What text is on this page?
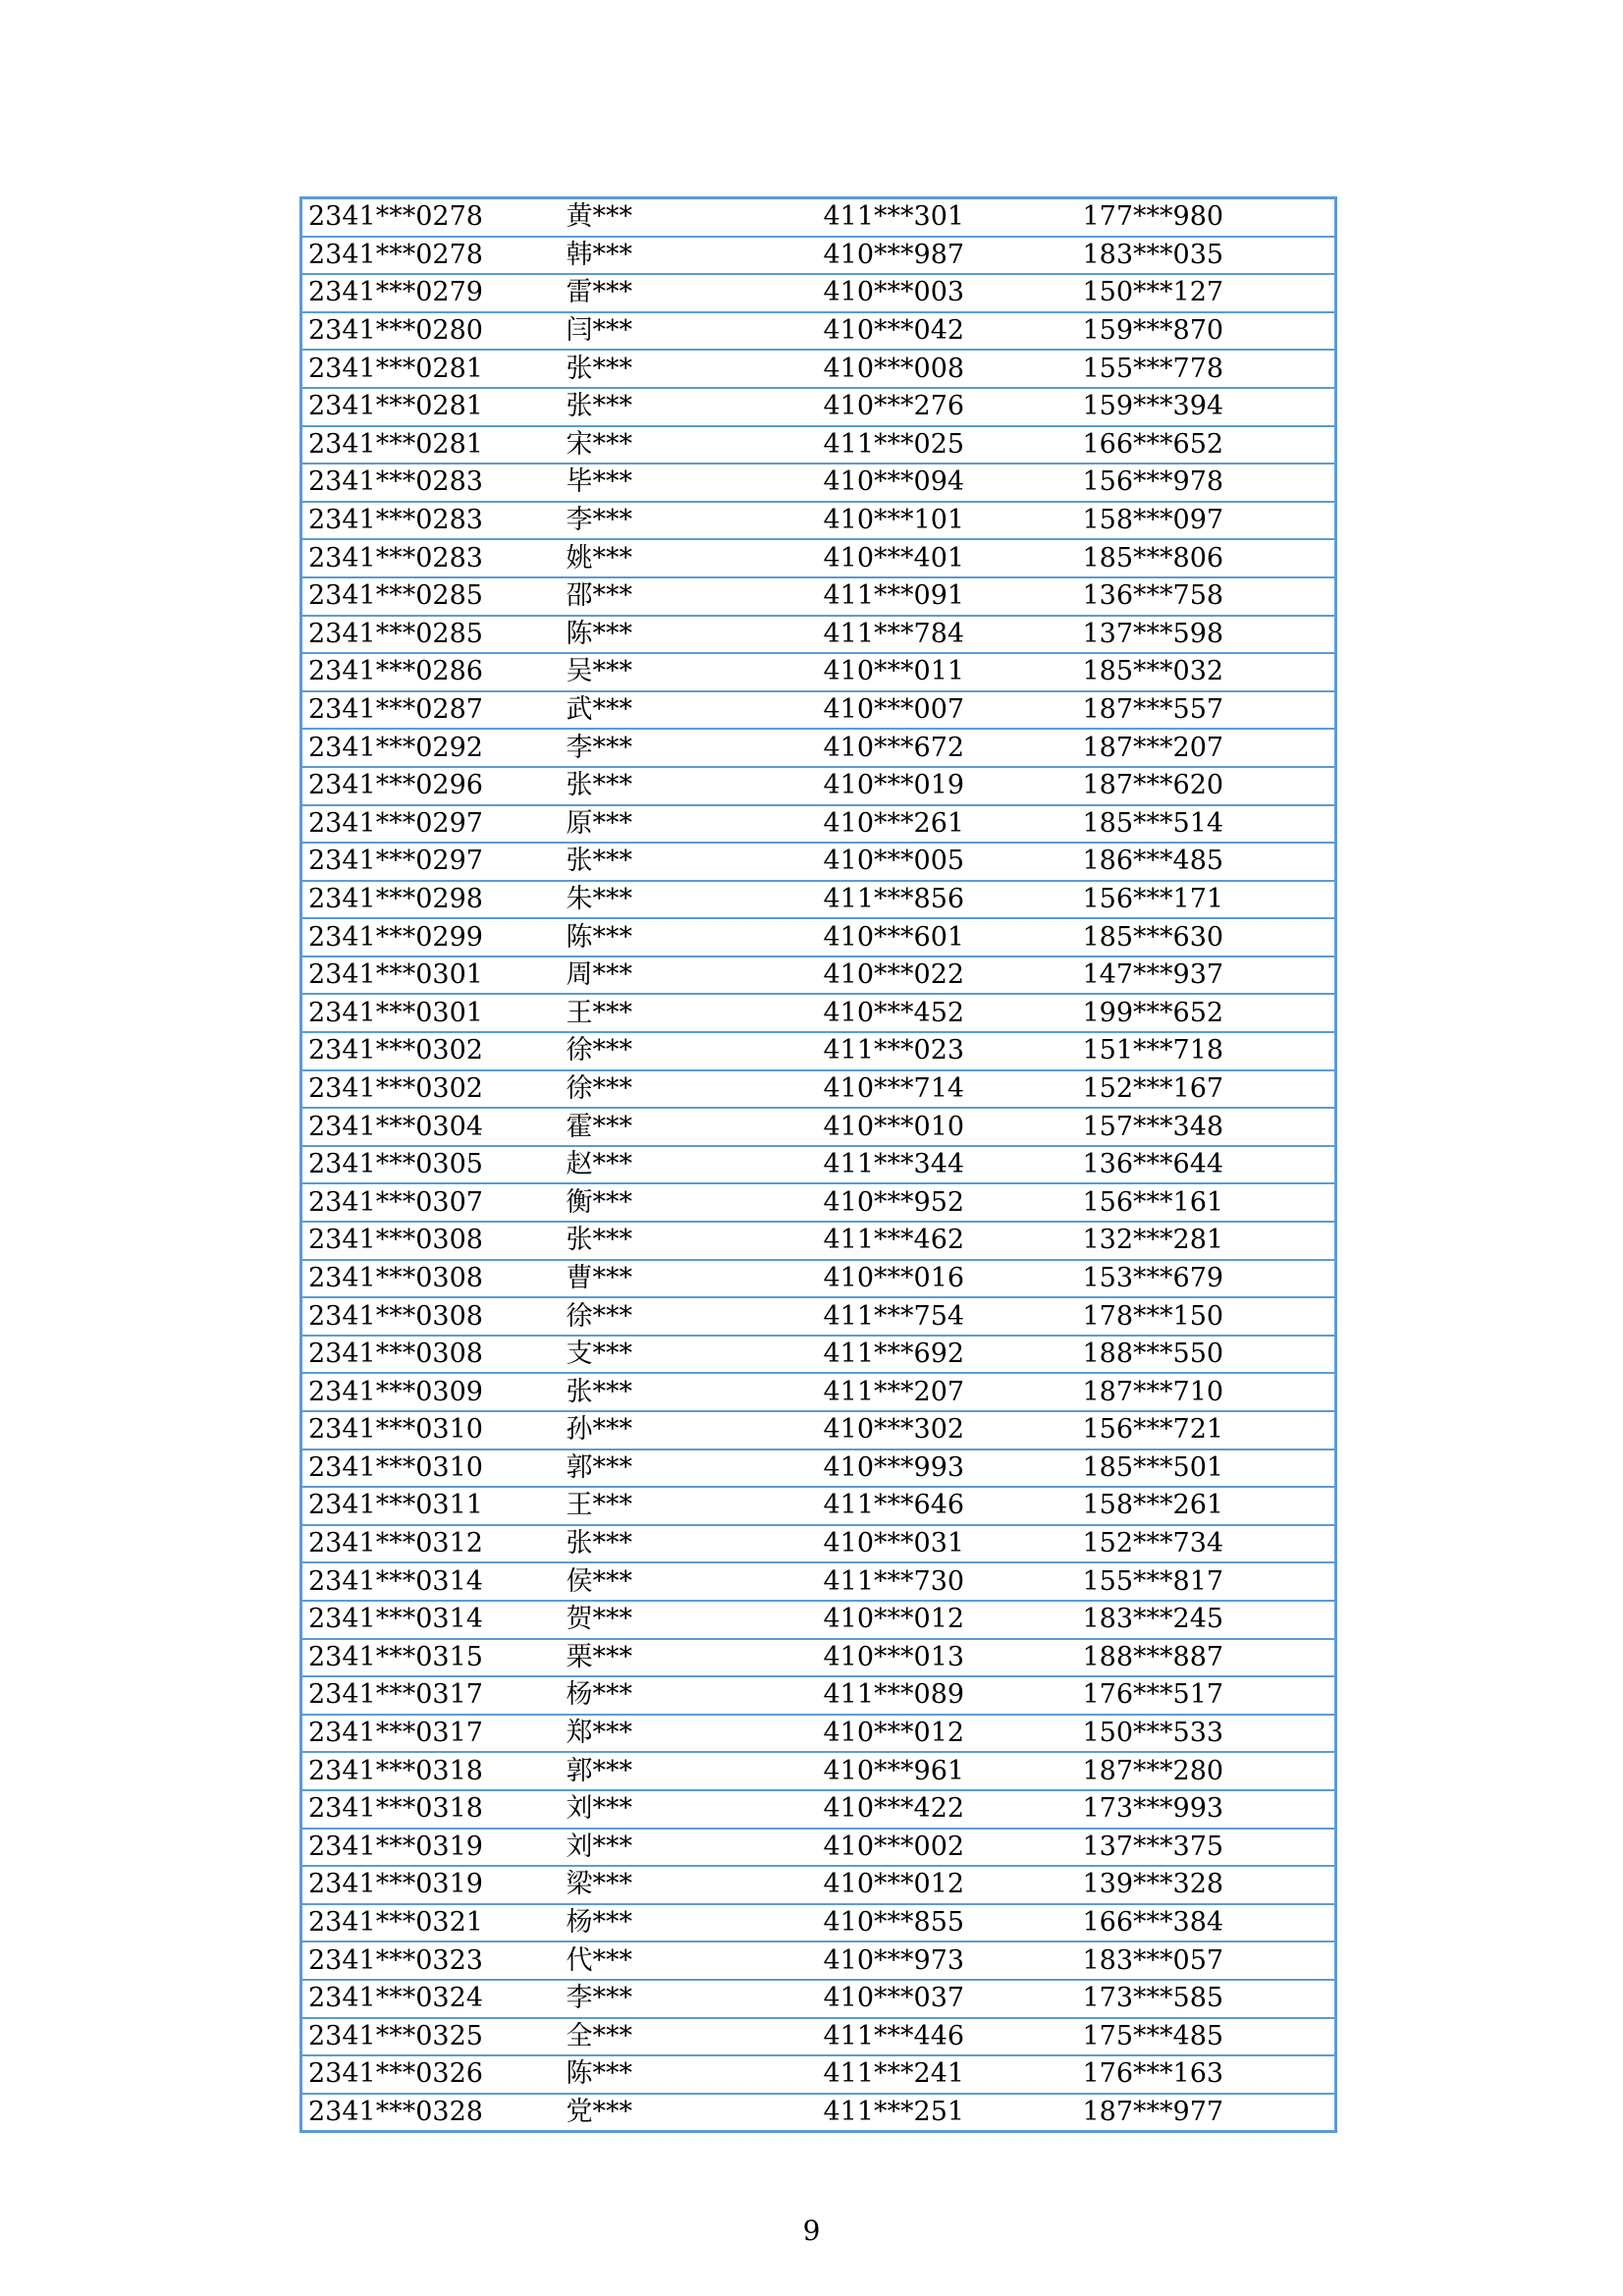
2341***0278	黄***	411***301	177***980
2341***0278	韩***	410***987	183***035
2341***0279	雷***	410***003	150***127
2341***0280	闫***	410***042	159***870
2341***0281	张***	410***008	155***778
2341***0281	张***	410***276	159***394
2341***0281	宋***	411***025	166***652
2341***0283	毕***	410***094	156***978
2341***0283	李***	410***101	158***097
2341***0283	姚***	410***401	185***806
2341***0285	邵***	411***091	136***758
2341***0285	陈***	411***784	137***598
2341***0286	吴***	410***011	185***032
2341***0287	武***	410***007	187***557
2341***0292	李***	410***672	187***207
2341***0296	张***	410***019	187***620
2341***0297	原***	410***261	185***514
2341***0297	张***	410***005	186***485
2341***0298	朱***	411***856	156***171
2341***0299	陈***	410***601	185***630
2341***0301	周***	410***022	147***937
2341***0301	王***	410***452	199***652
2341***0302	徐***	411***023	151***718
2341***0302	徐***	410***714	152***167
2341***0304	霍***	410***010	157***348
2341***0305	赵***	411***344	136***644
2341***0307	衡***	410***952	156***161
2341***0308	张***	411***462	132***281
2341***0308	曹***	410***016	153***679
2341***0308	徐***	411***754	178***150
2341***0308	支***	411***692	188***550
2341***0309	张***	411***207	187***710
2341***0310	孙***	410***302	156***721
2341***0310	郭***	410***993	185***501
2341***0311	王***	411***646	158***261
2341***0312	张***	410***031	152***734
2341***0314	侯***	411***730	155***817
2341***0314	贺***	410***012	183***245
2341***0315	栗***	410***013	188***887
2341***0317	杨***	411***089	176***517
2341***0317	郑***	410***012	150***533
2341***0318	郭***	410***961	187***280
2341***0318	刘***	410***422	173***993
2341***0319	刘***	410***002	137***375
2341***0319	梁***	410***012	139***328
2341***0321	杨***	410***855	166***384
2341***0323	代***	410***973	183***057
2341***0324	李***	410***037	173***585
2341***0325	全***	411***446	175***485
2341***0326	陈***	411***241	176***163
2341***0328	党***	411***251	187***977
9
